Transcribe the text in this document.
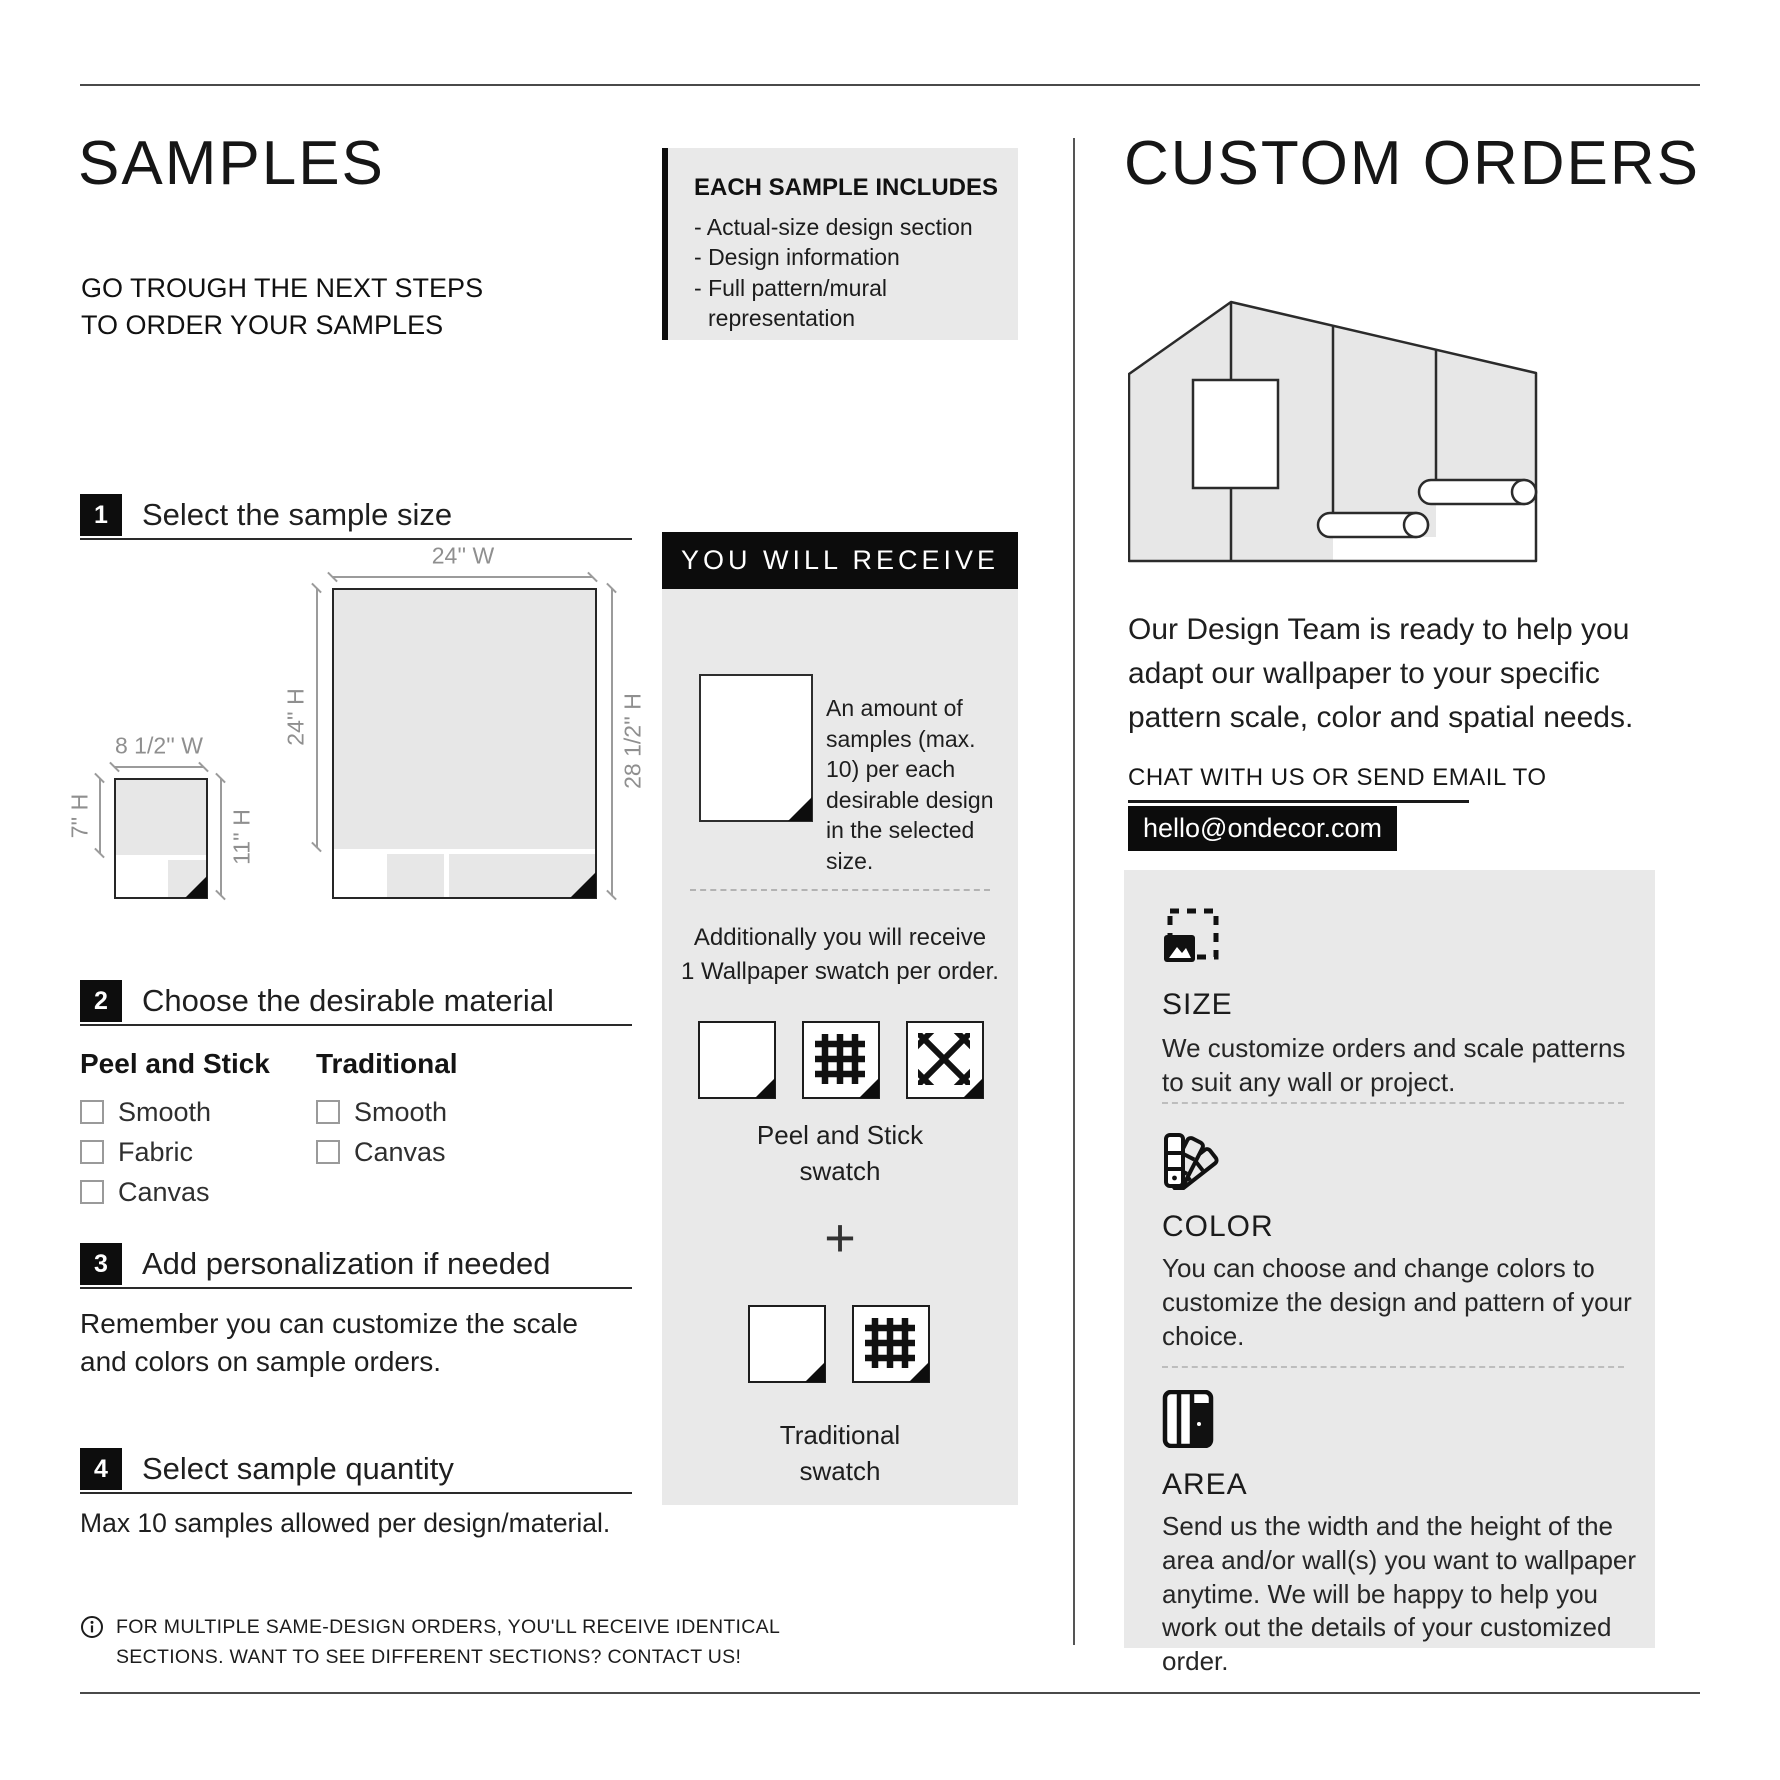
SAMPLES
GO TROUGH THE NEXT STEPS
TO ORDER YOUR SAMPLES
EACH SAMPLE INCLUDES
- Actual-size design section
- Design information
- Full pattern/mural representation
1	Select the sample size
24'' W
24'' H	28 1/2'' H
8 1/2'' W
7'' H	11'' H
2	Choose the desirable material
Peel and Stick
Smooth
Fabric
Canvas
Traditional
Smooth
Canvas
3	Add personalization if needed
Remember you can customize the scale and colors on sample orders.
4	Select sample quantity
Max 10 samples allowed per design/material.
FOR MULTIPLE SAME-DESIGN ORDERS, YOU'LL RECEIVE IDENTICAL
SECTIONS. WANT TO SEE DIFFERENT SECTIONS? CONTACT US!
YOU WILL RECEIVE
An amount of samples (max. 10) per each desirable design in the selected size.
Additionally you will receive
1 Wallpaper swatch per order.
Peel and Stick
swatch
+
Traditional
swatch
CUSTOM ORDERS
Our Design Team is ready to help you adapt our wallpaper to your specific pattern scale, color and spatial needs.
CHAT WITH US OR SEND EMAIL TO
hello@ondecor.com
SIZE
We customize orders and scale patterns to suit any wall or project.
COLOR
You can choose and change colors to customize the design and pattern of your choice.
AREA
Send us the width and the height of the area and/or wall(s) you want to wallpaper anytime. We will be happy to help you work out the details of your customized order.
